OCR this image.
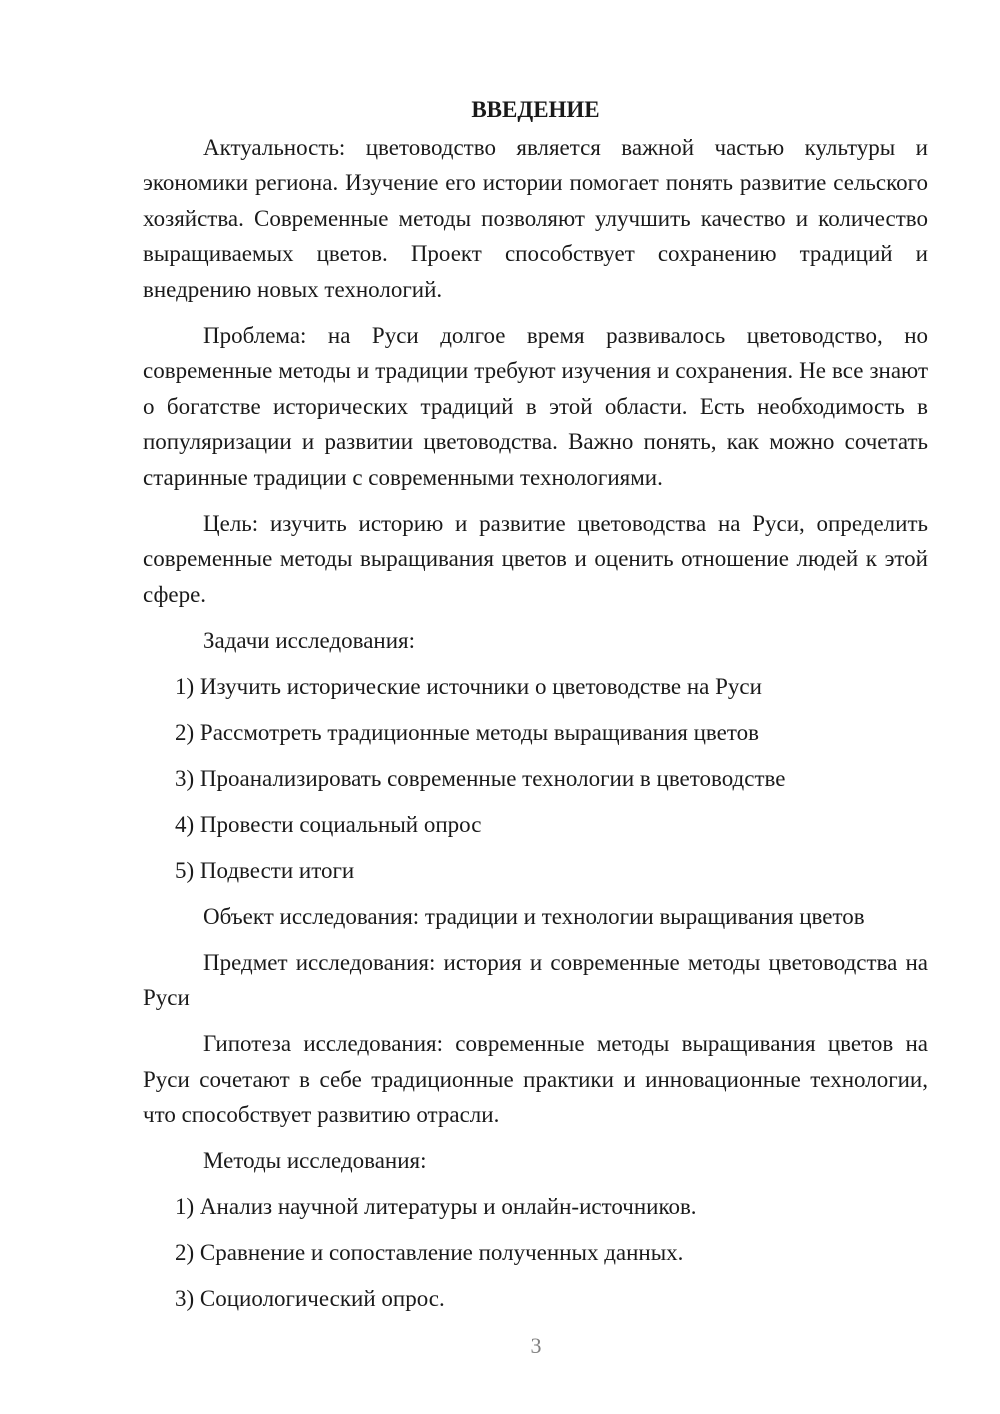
ВВЕДЕНИЕ

Актуальность: цветоводство является важной частью культуры и экономики региона. Изучение его истории помогает понять развитие сельского хозяйства. Современные методы позволяют улучшить качество и количество выращиваемых цветов. Проект способствует сохранению традиций и внедрению новых технологий.

Проблема: на Руси долгое время развивалось цветоводство, но современные методы и традиции требуют изучения и сохранения. Не все знают о богатстве исторических традиций в этой области. Есть необходимость в популяризации и развитии цветоводства. Важно понять, как можно сочетать старинные традиции с современными технологиями.

Цель: изучить историю и развитие цветоводства на Руси, определить современные методы выращивания цветов и оценить отношение людей к этой сфере.

Задачи исследования:
1) Изучить исторические источники о цветоводстве на Руси
2) Рассмотреть традиционные методы выращивания цветов
3) Проанализировать современные технологии в цветоводстве
4) Провести социальный опрос
5) Подвести итоги
Объект исследования: традиции и технологии выращивания цветов

Предмет исследования: история и современные методы цветоводства на Руси

Гипотеза исследования: современные методы выращивания цветов на Руси сочетают в себе традиционные практики и инновационные технологии, что способствует развитию отрасли.

Методы исследования:
1) Анализ научной литературы и онлайн-источников.
2) Сравнение и сопоставление полученных данных.
3) Социологический опрос.
3
